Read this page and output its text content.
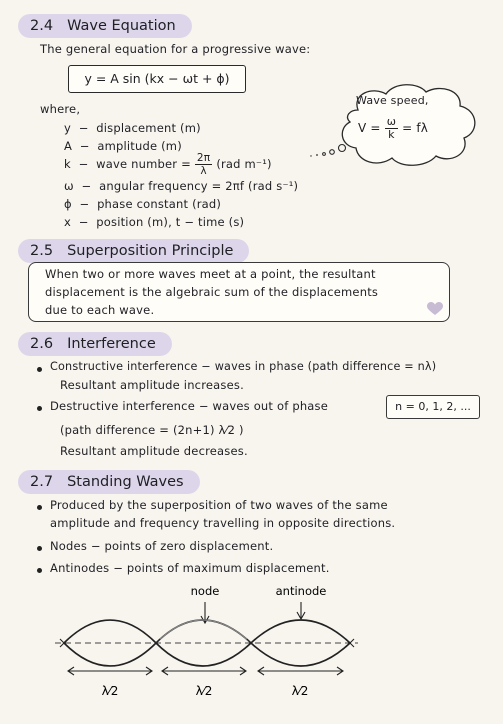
2.4 Wave Equation
The general equation for a progressive wave:
y = A sin (kx − ωt + ϕ)
where,
y  −  displacement (m)
A  −  amplitude (m)
k  −  wave number = $\frac{2\pi}{\lambda} (rad$ m⁻¹)
ω  −  angular frequency = 2πf (rad s⁻¹)
ϕ  −  phase constant (rad)
x  −  position (m), t − time (s)
Wave speed,
$V = \frac{\omega}{k} = f\lambda$
2.5 Superposition Principle
When two or more waves meet at a point, the resultant
displacement is the algebraic sum of the displacements
due to each wave.
2.6 Interference
Constructive interference − waves in phase (path difference = nλ)
Resultant amplitude increases.
Destructive interference − waves out of phase	n = 0, 1, 2, ...
(path difference = (2n+1) λ⁄2 )
Resultant amplitude decreases.
2.7 Standing Waves
Produced by the superposition of two waves of the same
amplitude and frequency travelling in opposite directions.
Nodes − points of zero displacement.
Antinodes − points of maximum displacement.
node	antinode
λ⁄2	λ⁄2	λ⁄2
